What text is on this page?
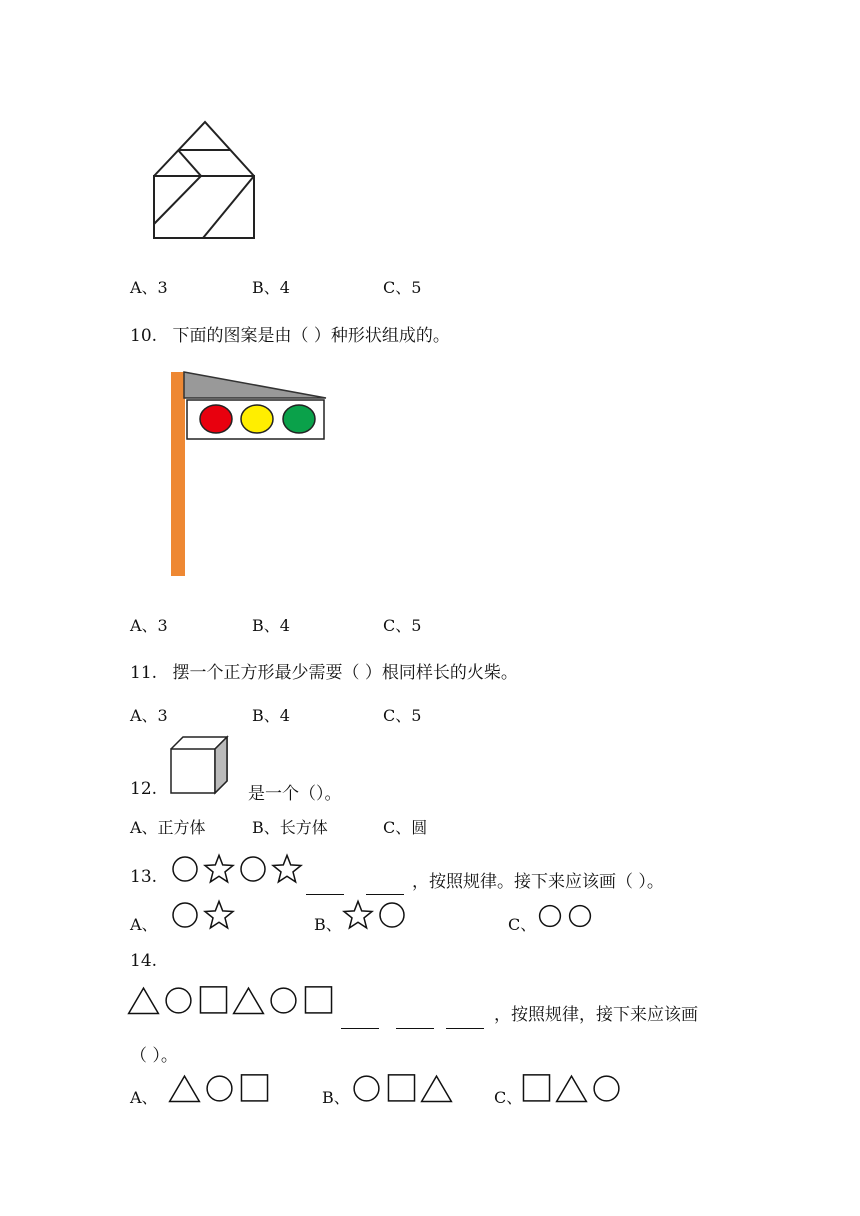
A、3	B、4	C、5
10. 下面的图案是由（ ）种形状组成的。
A、3	B、4	C、5
11. 摆一个正方形最少需要（ ）根同样长的火柴。
A、3	B、4	C、5
12.	是一个（）。
A、正方体	B、长方体	C、圆
13.	，按照规律。接下来应该画（ ）。
A、	B、	C、
14.
，按照规律，接下来应该画
（ ）。
A、	B、	C、
